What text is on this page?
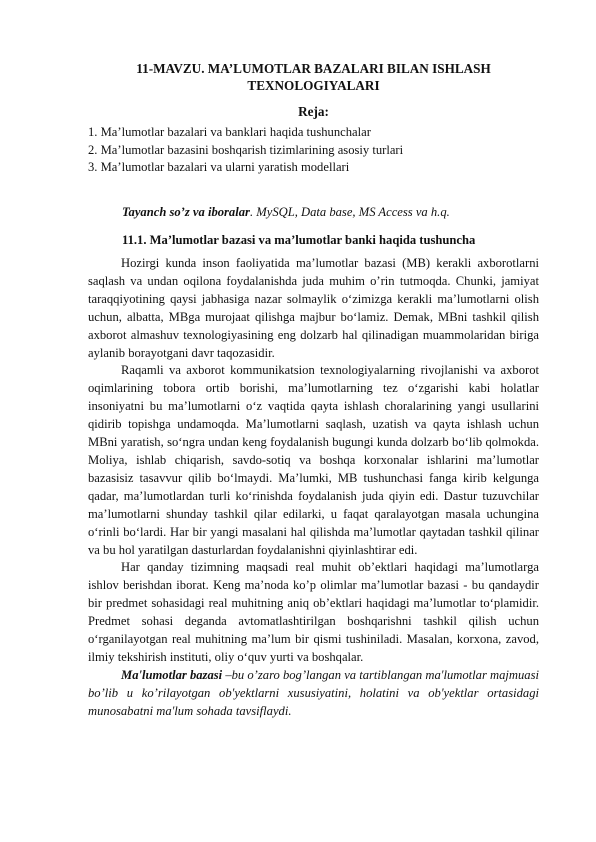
11-MAVZU. MA’LUMOTLAR BAZALARI BILAN ISHLASH TEXNOLOGIYALARI
Reja:
1. Ma’lumotlar bazalari va banklari haqida tushunchalar
2. Ma’lumotlar bazasini boshqarish tizimlarining asosiy turlari
3. Ma’lumotlar bazalari va ularni yaratish modellari
Tayanch so’z va iboralar. MySQL, Data base, MS Access va h.q.
11.1. Ma’lumotlar bazasi va ma’lumotlar banki haqida tushuncha

Hozirgi kunda inson faoliyatida ma’lumotlar bazasi (MB) kerakli axborotlarni saqlash va undan oqilona foydalanishda juda muhim o’rin tutmoqda. Chunki, jamiyat taraqqiyotining qaysi jabhasiga nazar solmaylik o‘zimizga kerakli ma’lumotlarni olish uchun, albatta, MBga murojaat qilishga majbur bo‘lamiz. Demak, MBni tashkil qilish axborot almashuv texnologiyasining eng dolzarb hal qilinadigan muammolaridan biriga aylanib borayotgani davr taqozasidir.

Raqamli va axborot kommunikatsion texnologiyalarning rivojlanishi va axborot oqimlarining tobora ortib borishi, ma’lumotlarning tez o‘zgarishi kabi holatlar insoniyatni bu ma’lumotlarni o‘z vaqtida qayta ishlash choralarining yangi usullarini qidirib topishga undamoqda. Ma’lumotlarni saqlash, uzatish va qayta ishlash uchun MBni yaratish, so‘ngra undan keng foydalanish bugungi kunda dolzarb bo‘lib qolmokda. Moliya, ishlab chiqarish, savdo-sotiq va boshqa korxonalar ishlarini ma’lumotlar bazasisiz tasavvur qilib bo‘lmaydi. Ma’lumki, MB tushunchasi fanga kirib kelgunga qadar, ma’lumotlardan turli ko‘rinishda foydalanish juda qiyin edi. Dastur tuzuvchilar ma’lumotlarni shunday tashkil qilar edilarki, u faqat qaralayotgan masala uchungina o‘rinli bo‘lardi. Har bir yangi masalani hal qilishda ma’lumotlar qaytadan tashkil qilinar va bu hol yaratilgan dasturlardan foydalanishni qiyinlashtirar edi.

Har qanday tizimning maqsadi real muhit ob’ektlari haqidagi ma’lumotlarga ishlov berishdan iborat. Keng ma’noda ko’p olimlar ma’lumotlar bazasi - bu qandaydir bir predmet sohasidagi real muhitning aniq ob’ektlari haqidagi ma’lumotlar to‘plamidir. Predmet sohasi deganda avtomatlashtirilgan boshqarishni tashkil qilish uchun o‘rganilayotgan real muhitning ma’lum bir qismi tushiniladi. Masalan, korxona, zavod, ilmiy tekshirish instituti, oliy o‘quv yurti va boshqalar.

Ma'lumotlar bazasi –bu o’zaro bog’langan va tartiblangan ma'lumotlar majmuasi bo’lib u ko’rilayotgan ob'yektlarni xususiyatini, holatini va ob'yektlar ortasidagi munosabatni ma'lum sohada tavsiflaydi.
